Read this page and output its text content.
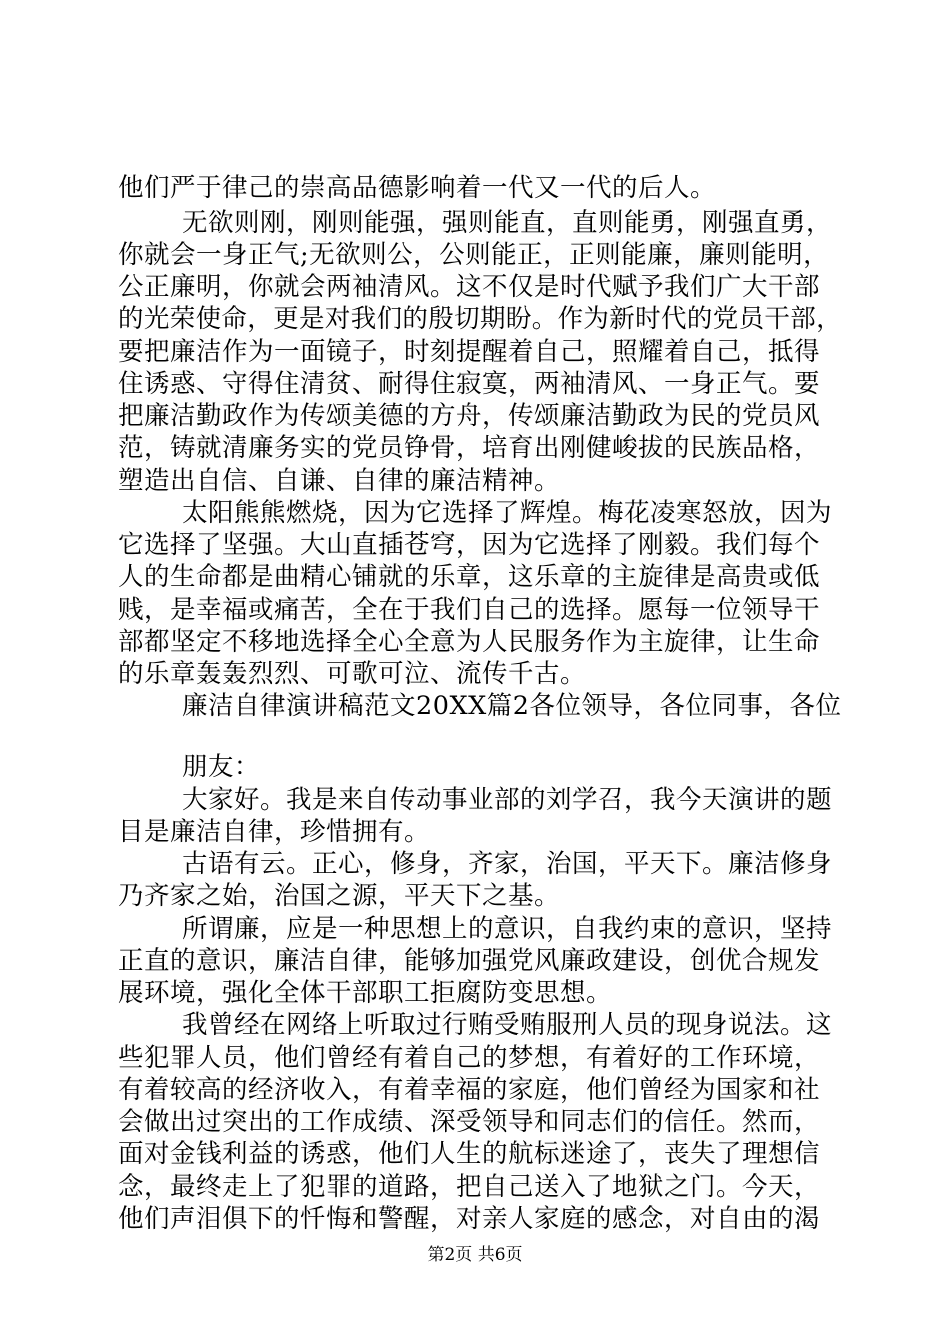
他们严于律己的崇高品德影响着一代又一代的后人。
无欲则刚，刚则能强，强则能直，直则能勇，刚强直勇，
你就会一身正气;无欲则公，公则能正，正则能廉，廉则能明，
公正廉明，你就会两袖清风。这不仅是时代赋予我们广大干部
的光荣使命，更是对我们的殷切期盼。作为新时代的党员干部，
要把廉洁作为一面镜子，时刻提醒着自己，照耀着自己，抵得
住诱惑、守得住清贫、耐得住寂寞，两袖清风、一身正气。要
把廉洁勤政作为传颂美德的方舟，传颂廉洁勤政为民的党员风
范，铸就清廉务实的党员铮骨，培育出刚健峻拔的民族品格，
塑造出自信、自谦、自律的廉洁精神。
太阳熊熊燃烧，因为它选择了辉煌。梅花凌寒怒放，因为
它选择了坚强。大山直插苍穹，因为它选择了刚毅。我们每个
人的生命都是曲精心铺就的乐章，这乐章的主旋律是高贵或低
贱，是幸福或痛苦，全在于我们自己的选择。愿每一位领导干
部都坚定不移地选择全心全意为人民服务作为主旋律，让生命
的乐章轰轰烈烈、可歌可泣、流传千古。
廉洁自律演讲稿范文20XX篇2各位领导，各位同事，各位
朋友：
大家好。我是来自传动事业部的刘学召，我今天演讲的题
目是廉洁自律，珍惜拥有。
古语有云。正心，修身，齐家，治国，平天下。廉洁修身
乃齐家之始，治国之源，平天下之基。
所谓廉，应是一种思想上的意识，自我约束的意识，坚持
正直的意识，廉洁自律，能够加强党风廉政建设，创优合规发
展环境，强化全体干部职工拒腐防变思想。
我曾经在网络上听取过行贿受贿服刑人员的现身说法。这
些犯罪人员，他们曾经有着自己的梦想，有着好的工作环境，
有着较高的经济收入，有着幸福的家庭，他们曾经为国家和社
会做出过突出的工作成绩、深受领导和同志们的信任。然而，
面对金钱利益的诱惑，他们人生的航标迷途了，丧失了理想信
念，最终走上了犯罪的道路，把自己送入了地狱之门。今天，
他们声泪俱下的忏悔和警醒，对亲人家庭的感念，对自由的渴
第2页 共6页
